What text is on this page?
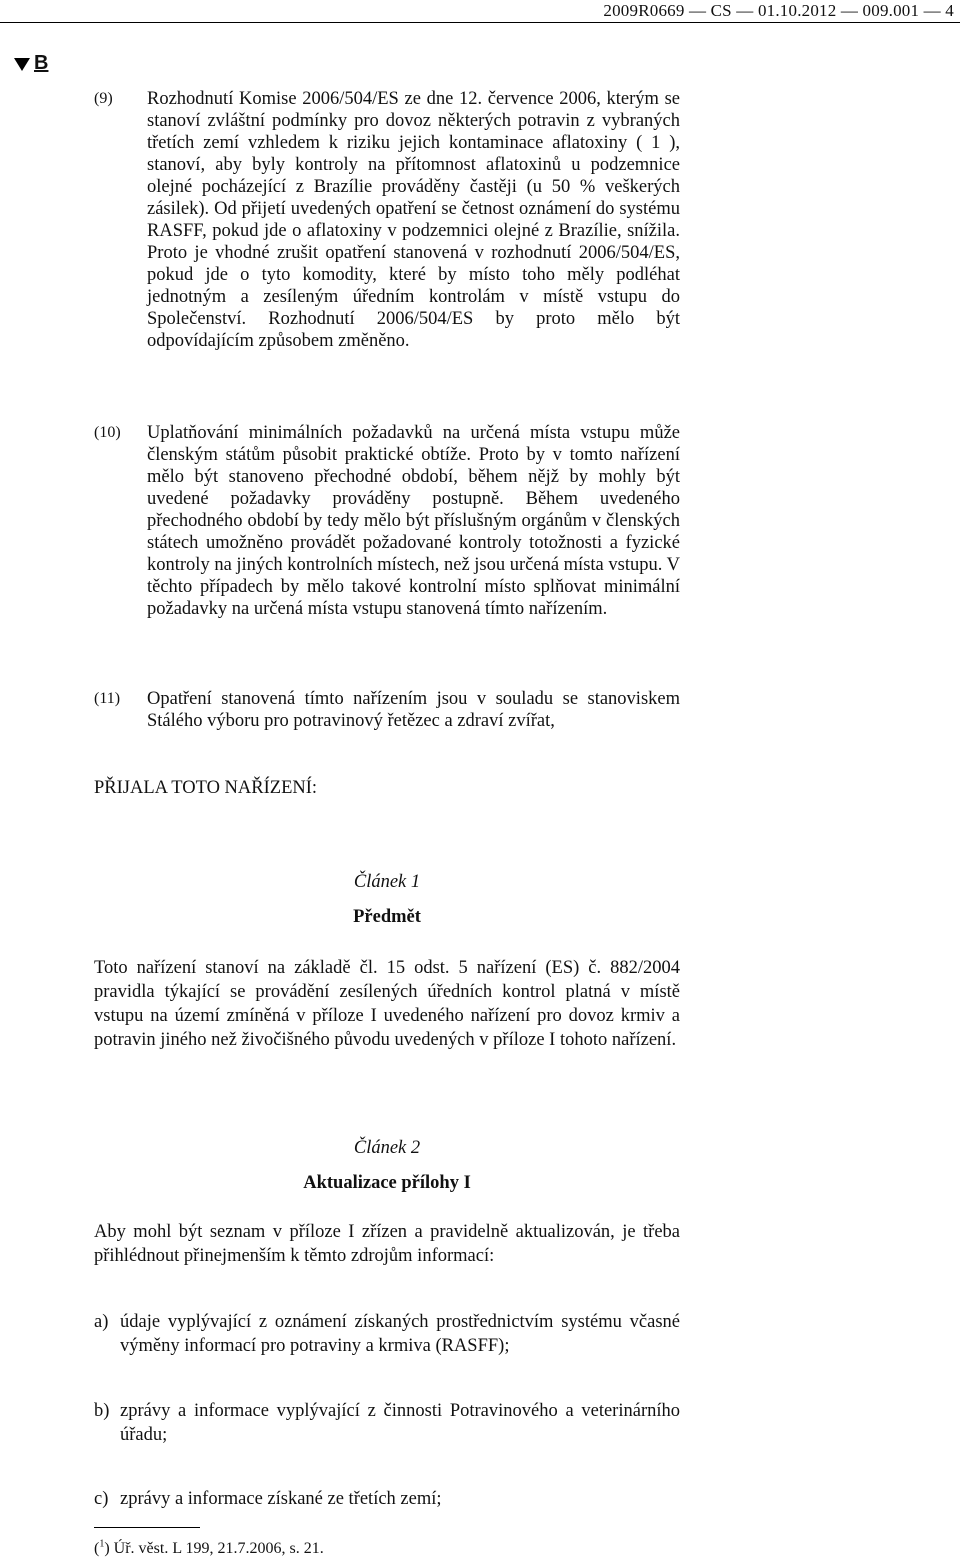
2009R0669 — CS — 01.10.2012 — 009.001 — 4
B
(9)	Rozhodnutí Komise 2006/504/ES ze dne 12. července 2006, kterým se stanoví zvláštní podmínky pro dovoz některých potravin z vybraných třetích zemí vzhledem k riziku jejich kontaminace aflatoxiny ( 1 ), stanoví, aby byly kontroly na přítomnost aflatoxinů u podzemnice olejné pocházející z Brazílie prováděny častěji (u 50 % veškerých zásilek). Od přijetí uvedených opatření se četnost oznámení do systému RASFF, pokud jde o aflatoxiny v podzemnici olejné z Brazílie, snížila. Proto je vhodné zrušit opatření stanovená v rozhodnutí 2006/504/ES, pokud jde o tyto komodity, které by místo toho měly podléhat jednotným a zesíleným úředním kontrolám v místě vstupu do Společenství. Rozhodnutí 2006/504/ES by proto mělo být odpovídajícím způsobem změněno.
(10)	Uplatňování minimálních požadavků na určená místa vstupu může členským státům působit praktické obtíže. Proto by v tomto nařízení mělo být stanoveno přechodné období, během nějž by mohly být uvedené požadavky prováděny postupně. Během uvedeného přechodného období by tedy mělo být příslušným orgánům v členských státech umožněno provádět požadované kontroly totožnosti a fyzické kontroly na jiných kontrolních místech, než jsou určená místa vstupu. V těchto případech by mělo takové kontrolní místo splňovat minimální požadavky na určená místa vstupu stanovená tímto nařízením.
(11)	Opatření stanovená tímto nařízením jsou v souladu se stanoviskem Stálého výboru pro potravinový řetězec a zdraví zvířat,
PŘIJALA TOTO NAŘÍZENÍ:
Článek 1
Předmět
Toto nařízení stanoví na základě čl. 15 odst. 5 nařízení (ES) č. 882/2004 pravidla týkající se provádění zesílených úředních kontrol platná v místě vstupu na území zmíněná v příloze I uvedeného nařízení pro dovoz krmiv a potravin jiného než živočišného původu uvedených v příloze I tohoto nařízení.
Článek 2
Aktualizace přílohy I
Aby mohl být seznam v příloze I zřízen a pravidelně aktualizován, je třeba přihlédnout přinejmenším k těmto zdrojům informací:
a) údaje vyplývající z oznámení získaných prostřednictvím systému včasné výměny informací pro potraviny a krmiva (RASFF);
b) zprávy a informace vyplývající z činnosti Potravinového a veterinárního úřadu;
c) zprávy a informace získané ze třetích zemí;
($^1$) Úř. věst. L 199, 21.7.2006, s. 21.
